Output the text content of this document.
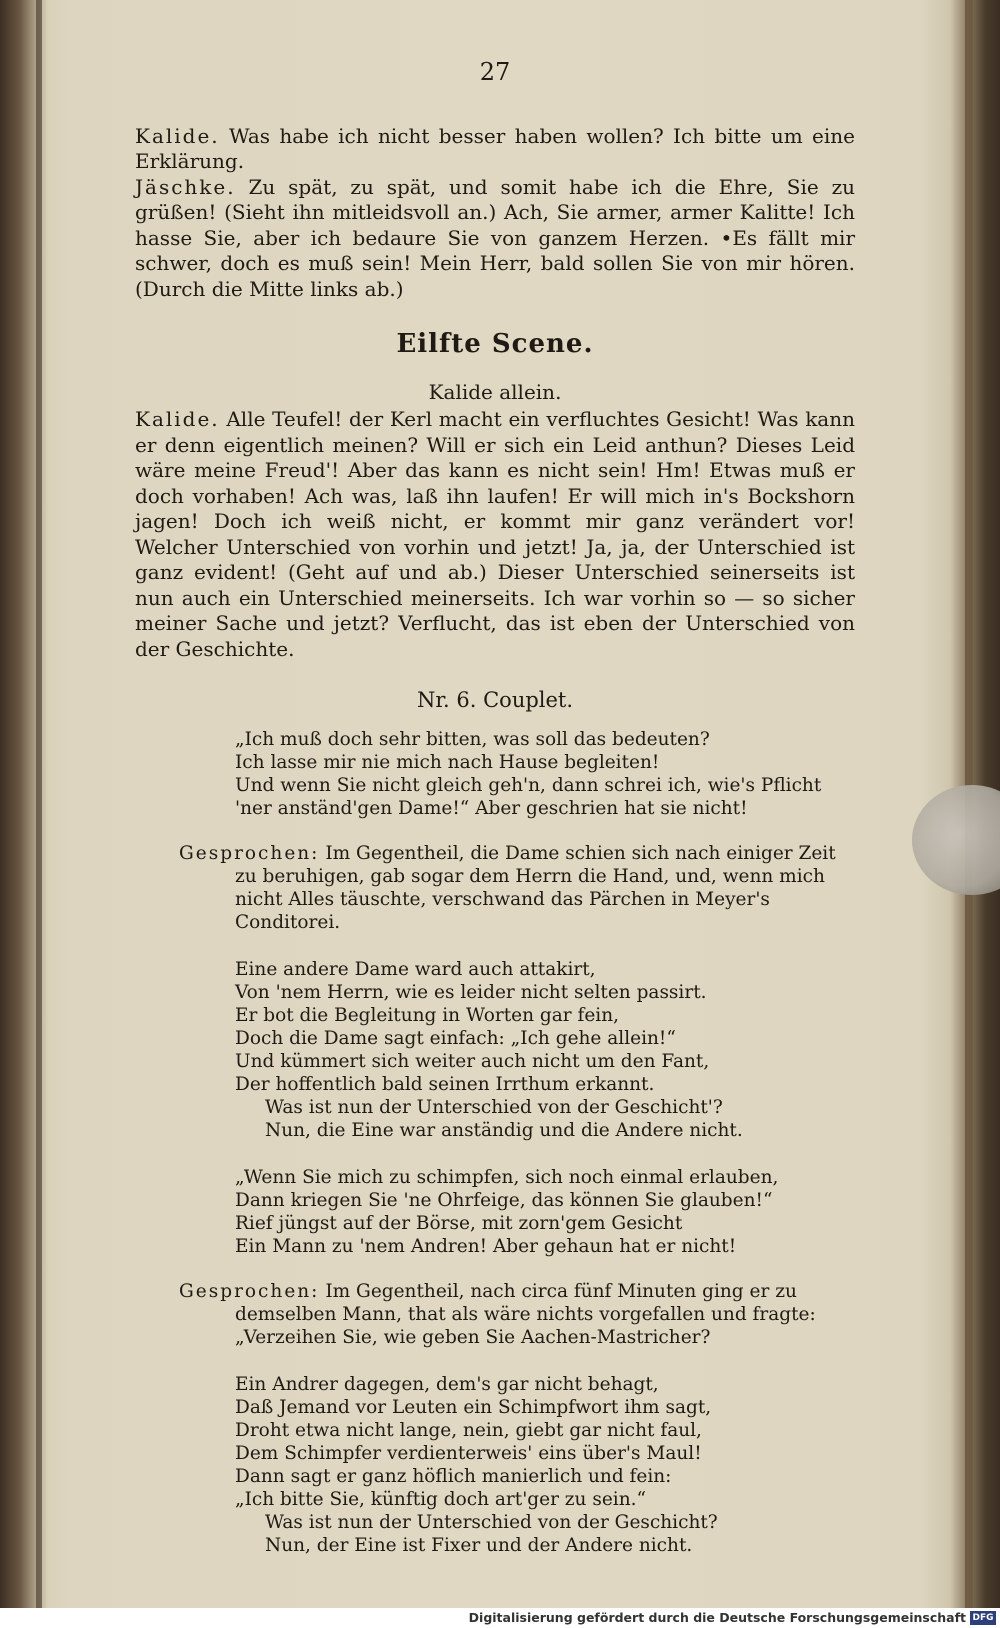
27

Kalide. Was habe ich nicht besser haben wollen? Ich bitte um eine Erklärung.

Jäschke. Zu spät, zu spät, und somit habe ich die Ehre, Sie zu grüßen! (Sieht ihn mitleidsvoll an.) Ach, Sie armer, armer Kalitte! Ich hasse Sie, aber ich bedaure Sie von ganzem Herzen. •Es fällt mir schwer, doch es muß sein! Mein Herr, bald sollen Sie von mir hören. (Durch die Mitte links ab.)

Eilfte Scene.
Kalide allein.

Kalide. Alle Teufel! der Kerl macht ein verfluchtes Gesicht! Was kann er denn eigentlich meinen? Will er sich ein Leid anthun? Dieses Leid wäre meine Freud'! Aber das kann es nicht sein! Hm! Etwas muß er doch vorhaben! Ach was, laß ihn laufen! Er will mich in's Bockshorn jagen! Doch ich weiß nicht, er kommt mir ganz verändert vor! Welcher Unterschied von vorhin und jetzt! Ja, ja, der Unterschied ist ganz evident! (Geht auf und ab.) Dieser Unterschied seinerseits ist nun auch ein Unterschied meinerseits. Ich war vorhin so — so sicher meiner Sache und jetzt? Verflucht, das ist eben der Unterschied von der Geschichte.

Nr. 6. Couplet.
„Ich muß doch sehr bitten, was soll das bedeuten?
Ich lasse mir nie mich nach Hause begleiten!
Und wenn Sie nicht gleich geh'n, dann schrei ich, wie's Pflicht
'ner anständ'gen Dame!“ Aber geschrien hat sie nicht!
Gesprochen: Im Gegentheil, die Dame schien sich nach einiger Zeit zu beruhigen, gab sogar dem Herrn die Hand, und, wenn mich nicht Alles täuschte, verschwand das Pärchen in Meyer's Conditorei.
Eine andere Dame ward auch attakirt,
Von 'nem Herrn, wie es leider nicht selten passirt.
Er bot die Begleitung in Worten gar fein,
Doch die Dame sagt einfach: „Ich gehe allein!“
Und kümmert sich weiter auch nicht um den Fant,
Der hoffentlich bald seinen Irrthum erkannt.
Was ist nun der Unterschied von der Geschicht'?
Nun, die Eine war anständig und die Andere nicht.
„Wenn Sie mich zu schimpfen, sich noch einmal erlauben,
Dann kriegen Sie 'ne Ohrfeige, das können Sie glauben!“
Rief jüngst auf der Börse, mit zorn'gem Gesicht
Ein Mann zu 'nem Andren! Aber gehaun hat er nicht!
Gesprochen: Im Gegentheil, nach circa fünf Minuten ging er zu demselben Mann, that als wäre nichts vorgefallen und fragte: „Verzeihen Sie, wie geben Sie Aachen-Mastricher?
Ein Andrer dagegen, dem's gar nicht behagt,
Daß Jemand vor Leuten ein Schimpfwort ihm sagt,
Droht etwa nicht lange, nein, giebt gar nicht faul,
Dem Schimpfer verdienterweis' eins über's Maul!
Dann sagt er ganz höflich manierlich und fein:
„Ich bitte Sie, künftig doch art'ger zu sein.“
Was ist nun der Unterschied von der Geschicht?
Nun, der Eine ist Fixer und der Andere nicht.
Digitalisierung gefördert durch die Deutsche Forschungsgemeinschaft DFG
